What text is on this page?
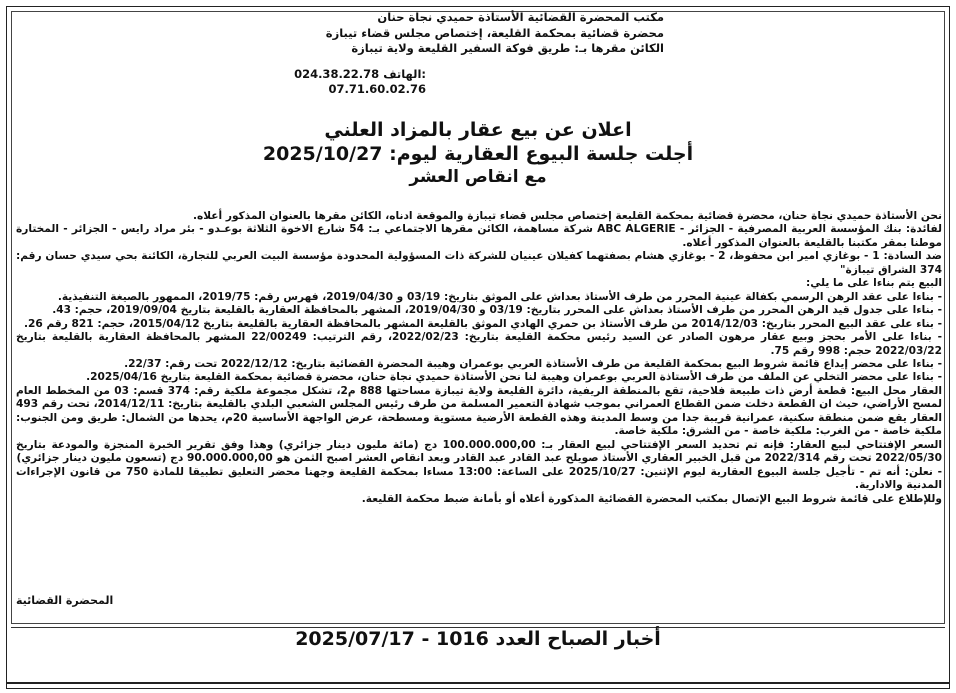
مكتب المحضرة القضائية الأستاذة حميدي نجاة حنان
محضرة قضائية بمحكمة القليعة، إختصاص مجلس قضاء تيبازة
الكائن مقرها بـ: طريق فوكة السفير القليعة ولاية تيبازة
024.38.22.78 الهاتف:
07.71.60.02.76
اعلان عن بيع عقار بالمزاد العلني
أجلت جلسة البيوع العقارية ليوم: 2025/10/27
مع انقاص العشر

نحن الأستاذة حميدي نجاة حنان، محضرة قضائية بمحكمة القليعة إختصاص مجلس قضاء تيبازة والموقعة ادناه، الكائن مقرها بالعنوان المذكور أعلاه.

لفائدة: بنك المؤسسة العربية المصرفية - الجزائر - ABC ALGERIE شركة مساهمة، الكائن مقرها الاجتماعي بـ: 54 شارع الاخوة الثلاثة بوعـدو - بئر مراد رايس - الجزائر - المختارة موطنا بمقر مكتبنا بالقليعة بالعنوان المذكور أعلاه.

ضد السادة: 1 - بوغازي امير ابن محفوظ، 2 - بوغازي هشام بصفتهما كفيلان عينيان للشركة ذات المسؤولية المحدودة مؤسسة البيت العربي للتجارة، الكائنة بحي سيدي حسان رقم: 374 الشراق تيبازة"

البيع يتم بناءا على ما يلي:

- بناءا على عقد الرهن الرسمي بكفالة عينية المحرر من طرف الأستاذ بعداش على الموثق بتاريخ: 03/19 و 2019/04/30، فهرس رقم: 2019/75، الممهور بالصيغة التنفيذية.

- بناءا على جدول قيد الرهن المحرر من طرف الأستاذ بعداش على المحرر بتاريخ: 03/19 و 2019/04/30، المشهر بالمحافظة العقارية بالقليعة بتاريخ 2019/09/04، حجم: 43.

- بناء على عقد البيع المحرر بتاريخ: 2014/12/03 من طرف الأستاذ بن حمري الهادي الموثق بالقليعة المشهر بالمحافظة العقارية بالقليعة بتاريخ 2015/04/12، حجم: 821 رقم 26.

- بناءا على الأمر بحجز وبيع عقار مرهون الصادر عن السيد رئيس محكمة القليعة بتاريخ: 2022/02/23، رقم الترتيب: 22/00249 المشهر بالمحافظة العقارية بالقليعة بتاريخ 2022/03/22 حجم: 998 رقم 75.

- بناءا على محضر إيداع قائمة شروط البيع بمحكمة القليعة من طرف الأستاذة العربي بوعمران وهيبة المحضرة القضائية بتاريخ: 2022/12/12 تحت رقم: 22/37.

- بناءا على محضر التخلي عن الملف من طرف الأستاذة العربي بوعمران وهيبة لنا نحن الأستاذة حميدي نجاة حنان، محضرة قضائية بمحكمة القليعة بتاريخ 2025/04/16.

العقار محل البيع: قطعة أرض ذات طبيعة فلاحية، تقع بالمنطقة الريفية، دائرة القليعة ولاية تيبازة مساحتها 888 م2، تشكل مجموعة ملكية رقم: 374 قسم: 03 من المخطط العام لمسح الأراضي، حيث ان القطعة دخلت ضمن القطاع العمراني بموجب شهادة التعمير المسلمة من طرف رئيس المجلس الشعبي البلدي بالقليعة بتاريخ: 2014/12/11، تحت رقم 493 العقار يقع ضمن منطقة سكنية، عمرانية قريبة جدا من وسط المدينة وهذه القطعة الأرضية مستوية ومسطحة، عرض الواجهة الأساسية 20م، يحدها من الشمال: طريق ومن الجنوب: ملكية خاصة - من الغرب: ملكية خاصة - من الشرق: ملكية خاصة.

السعر الإفتتاحي لبيع العقار: فإنه تم تحديد السعر الإفتتاحي لبيع العقار بـ: 100.000.000,00 دج (مائة مليون دينار جزائري) وهذا وفق تقرير الخبرة المنجزة والمودعة بتاريخ 2022/05/30 تحت رقم 2022/314 من قبل الخبير العقاري الأستاذ صويلح عبد القادر عبد القادر وبعد انقاص العشر اصبح الثمن هو 90.000.000,00 دج (تسعون مليون دينار جزائري)

- نعلن: أنه تم - تأجيل جلسة البيوع العقارية ليوم الإثنين: 2025/10/27 على الساعة: 13:00 مساءا بمحكمة القليعة وجهنا محضر التعليق تطبيقا للمادة 750 من قانون الإجراءات المدنية والادارية.

وللإطلاع على قائمة شروط البيع الإتصال بمكتب المحضرة القضائية المذكورة أعلاه أو بأمانة ضبط محكمة القليعة.

المحضرة القضائية
أخبار الصباح العدد 1016 - 2025/07/17
